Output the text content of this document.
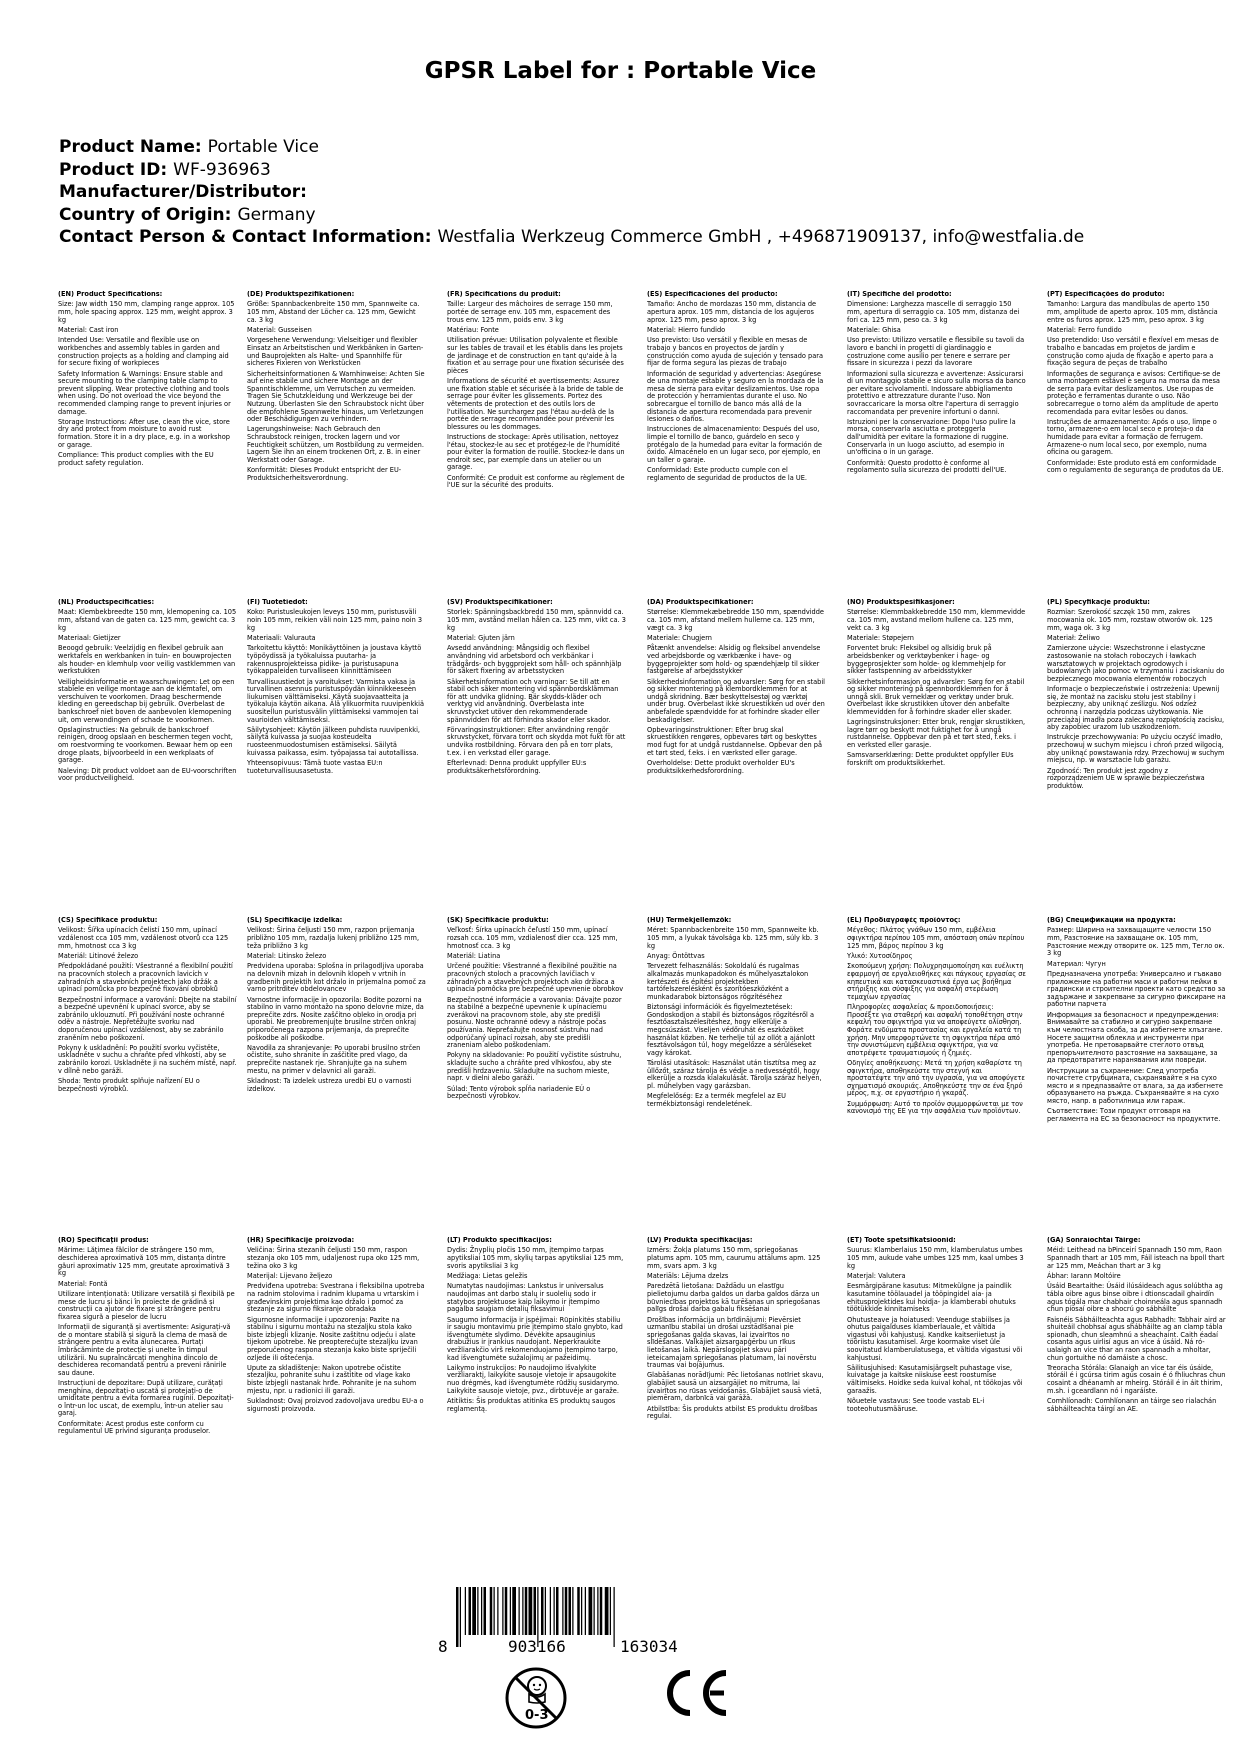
GPSR Label for : Portable Vice
Product Name: Portable Vice
Product ID: WF-936963
Manufacturer/Distributor:
Country of Origin: Germany
Contact Person & Contact Information: Westfalia Werkzeug Commerce GmbH , +496871909137, info@westfalia.de

(EN) Product Specifications:

Size: Jaw width 150 mm, clamping range approx. 105 mm, hole spacing approx. 125 mm, weight approx. 3 kg

Material: Cast iron

Intended Use: Versatile and flexible use on workbenches and assembly tables in garden and construction projects as a holding and clamping aid for secure fixing of workpieces

Safety Information & Warnings: Ensure stable and secure mounting to the clamping table clamp to prevent slipping. Wear protective clothing and tools when using. Do not overload the vice beyond the recommended clamping range to prevent injuries or damage.

Storage Instructions: After use, clean the vice, store dry and protect from moisture to avoid rust formation. Store it in a dry place, e.g. in a workshop or garage.

Compliance: This product complies with the EU product safety regulation.

(DE) Produktspezifikationen:

Größe: Spannbackenbreite 150 mm, Spannweite ca. 105 mm, Abstand der Löcher ca. 125 mm, Gewicht ca. 3 kg

Material: Gusseisen

Vorgesehene Verwendung: Vielseitiger und flexibler Einsatz an Arbeitstischen und Werkbänken in Garten- und Bauprojekten als Halte- und Spannhilfe für sicheres Fixieren von Werkstücken

Sicherheitsinformationen & Warnhinweise: Achten Sie auf eine stabile und sichere Montage an der Spanntischklemme, um Verrutschen zu vermeiden. Tragen Sie Schutzkleidung und Werkzeuge bei der Nutzung. Überlasten Sie den Schraubstock nicht über die empfohlene Spannweite hinaus, um Verletzungen oder Beschädigungen zu verhindern.

Lagerungshinweise: Nach Gebrauch den Schraubstock reinigen, trocken lagern und vor Feuchtigkeit schützen, um Rostbildung zu vermeiden. Lagern Sie ihn an einem trockenen Ort, z. B. in einer Werkstatt oder Garage.

Konformität: Dieses Produkt entspricht der EU-Produktsicherheitsverordnung.

(FR) Spécifications du produit:

Taille: Largeur des mâchoires de serrage 150 mm, portée de serrage env. 105 mm, espacement des trous env. 125 mm, poids env. 3 kg

Matériau: Fonte

Utilisation prévue: Utilisation polyvalente et flexible sur les tables de travail et les établis dans les projets de jardinage et de construction en tant qu'aide à la fixation et au serrage pour une fixation sécurisée des pièces

Informations de sécurité et avertissements: Assurez une fixation stable et sécurisée à la bride de table de serrage pour éviter les glissements. Portez des vêtements de protection et des outils lors de l'utilisation. Ne surchargez pas l'étau au-delà de la portée de serrage recommandée pour prévenir les blessures ou les dommages.

Instructions de stockage: Après utilisation, nettoyez l'étau, stockez-le au sec et protégez-le de l'humidité pour éviter la formation de rouille. Stockez-le dans un endroit sec, par exemple dans un atelier ou un garage.

Conformité: Ce produit est conforme au règlement de l'UE sur la sécurité des produits.

(ES) Especificaciones del producto:

Tamaño: Ancho de mordazas 150 mm, distancia de apertura aprox. 105 mm, distancia de los agujeros aprox. 125 mm, peso aprox. 3 kg

Material: Hierro fundido

Uso previsto: Uso versátil y flexible en mesas de trabajo y bancos en proyectos de jardín y construcción como ayuda de sujeción y tensado para fijar de forma segura las piezas de trabajo

Información de seguridad y advertencias: Asegúrese de una montaje estable y seguro en la mordaza de la mesa de sierra para evitar deslizamientos. Use ropa de protección y herramientas durante el uso. No sobrecargue el tornillo de banco más allá de la distancia de apertura recomendada para prevenir lesiones o daños.

Instrucciones de almacenamiento: Después del uso, limpie el tornillo de banco, guárdelo en seco y protégalo de la humedad para evitar la formación de óxido. Almacénelo en un lugar seco, por ejemplo, en un taller o garaje.

Conformidad: Este producto cumple con el reglamento de seguridad de productos de la UE.

(IT) Specifiche del prodotto:

Dimensione: Larghezza mascelle di serraggio 150 mm, apertura di serraggio ca. 105 mm, distanza dei fori ca. 125 mm, peso ca. 3 kg

Materiale: Ghisa

Uso previsto: Utilizzo versatile e flessibile su tavoli da lavoro e banchi in progetti di giardinaggio e costruzione come ausilio per tenere e serrare per fissare in sicurezza i pezzi da lavorare

Informazioni sulla sicurezza e avvertenze: Assicurarsi di un montaggio stabile e sicuro sulla morsa da banco per evitare scivolamenti. Indossare abbigliamento protettivo e attrezzature durante l'uso. Non sovraccaricare la morsa oltre l'apertura di serraggio raccomandata per prevenire infortuni o danni.

Istruzioni per la conservazione: Dopo l'uso pulire la morsa, conservarla asciutta e proteggerla dall'umidità per evitare la formazione di ruggine. Conservarla in un luogo asciutto, ad esempio in un'officina o in un garage.

Conformità: Questo prodotto è conforme al regolamento sulla sicurezza dei prodotti dell'UE.

(PT) Especificações do produto:

Tamanho: Largura das mandíbulas de aperto 150 mm, amplitude de aperto aprox. 105 mm, distância entre os furos aprox. 125 mm, peso aprox. 3 kg

Material: Ferro fundido

Uso pretendido: Uso versátil e flexível em mesas de trabalho e bancadas em projetos de jardim e construção como ajuda de fixação e aperto para a fixação segura de peças de trabalho

Informações de segurança e avisos: Certifique-se de uma montagem estável e segura na morsa da mesa de serra para evitar deslizamentos. Use roupas de proteção e ferramentas durante o uso. Não sobrecarregue o torno além da amplitude de aperto recomendada para evitar lesões ou danos.

Instruções de armazenamento: Após o uso, limpe o torno, armazene-o em local seco e proteja-o da humidade para evitar a formação de ferrugem. Armazene-o num local seco, por exemplo, numa oficina ou garagem.

Conformidade: Este produto está em conformidade com o regulamento de segurança de produtos da UE.

(NL) Productspecificaties:

Maat: Klembekbreedte 150 mm, klemopening ca. 105 mm, afstand van de gaten ca. 125 mm, gewicht ca. 3 kg

Materiaal: Gietijzer

Beoogd gebruik: Veelzijdig en flexibel gebruik aan werktafels en werkbanken in tuin- en bouwprojecten als houder- en klemhulp voor veilig vastklemmen van werkstukken

Veiligheidsinformatie en waarschuwingen: Let op een stabiele en veilige montage aan de klemtafel, om verschuiven te voorkomen. Draag beschermende kleding en gereedschap bij gebruik. Overbelast de bankschroef niet boven de aanbevolen klemopening uit, om verwondingen of schade te voorkomen.

Opslaginstructies: Na gebruik de bankschroef reinigen, droog opslaan en beschermen tegen vocht, om roestvorming te voorkomen. Bewaar hem op een droge plaats, bijvoorbeeld in een werkplaats of garage.

Naleving: Dit product voldoet aan de EU-voorschriften voor productveiligheid.

(FI) Tuotetiedot:

Koko: Puristusleukojen leveys 150 mm, puristusväli noin 105 mm, reikien väli noin 125 mm, paino noin 3 kg

Materiaali: Valurauta

Tarkoitettu käyttö: Monikäyttöinen ja joustava käyttö työpöydissä ja työkaluissa puutarha- ja rakennusprojekteissa pidike- ja puristusapuna työkappaleiden turvalliseen kiinnittämiseen

Turvallisuustiedot ja varoitukset: Varmista vakaa ja turvallinen asennus puristuspöydän kiinnikkeeseen liukumisen välttämiseksi. Käytä suojavaatteita ja työkaluja käytön aikana. Älä ylikuormita ruuvipenkkiä suositellun puristusvälin ylittämiseksi vammojen tai vaurioiden välttämiseksi.

Säilytysohjeet: Käytön jälkeen puhdista ruuvipenkki, säilytä kuivassa ja suojaa kosteudelta ruosteenmuodostumisen estämiseksi. Säilytä kuivassa paikassa, esim. työpajassa tai autotallissa.

Yhteensopivuus: Tämä tuote vastaa EU:n tuoteturvallisuusasetusta.

(SV) Produktspecifikationer:

Storlek: Spänningsbackbredd 150 mm, spännvidd ca. 105 mm, avstånd mellan hålen ca. 125 mm, vikt ca. 3 kg

Material: Gjuten järn

Avsedd användning: Mångsidig och flexibel användning vid arbetsbord och verkbänkar i trädgårds- och byggprojekt som håll- och spännhjälp för säkert fixering av arbetsstycken

Säkerhetsinformation och varningar: Se till att en stabil och säker montering vid spännbordsklämman för att undvika glidning. Bär skydds-kläder och verktyg vid användning. Överbelasta inte skruvstycket utöver den rekommenderade spännvidden för att förhindra skador eller skador.

Förvaringsinstruktioner: Efter användning rengör skruvstycket, förvara torrt och skydda mot fukt för att undvika rostbildning. Förvara den på en torr plats, t.ex. i en verkstad eller garage.

Efterlevnad: Denna produkt uppfyller EU:s produktsäkerhetsförordning.

(DA) Produktspecifikationer:

Størrelse: Klemmekæbebredde 150 mm, spændvidde ca. 105 mm, afstand mellem hullerne ca. 125 mm, vægt ca. 3 kg

Materiale: Chugjern

Påtænkt anvendelse: Alsidig og fleksibel anvendelse ved arbejdsborde og værkbænke i have- og byggeprojekter som hold- og spændehjælp til sikker fastgørelse af arbejdsstykker

Sikkerhedsinformation og advarsler: Sørg for en stabil og sikker montering på klembordklemmen for at undgå skridning. Bær beskyttelsestøj og værktøj under brug. Overbelast ikke skruestikken ud over den anbefalede spændvidde for at forhindre skader eller beskadigelser.

Opbevaringsinstruktioner: Efter brug skal skruestikken rengøres, opbevares tørt og beskyttes mod fugt for at undgå rustdannelse. Opbevar den på et tørt sted, f.eks. i en værksted eller garage.

Overholdelse: Dette produkt overholder EU's produktsikkerhedsforordning.

(NO) Produktspesifikasjoner:

Størrelse: Klemmbakkebredde 150 mm, klemmevidde ca. 105 mm, avstand mellom hullene ca. 125 mm, vekt ca. 3 kg

Materiale: Støpejern

Forventet bruk: Fleksibel og allsidig bruk på arbeidsbenker og verktøybenker i hage- og byggeprosjekter som holde- og klemmehjelp for sikker fastspenning av arbeidsstykker

Sikkerhetsinformasjon og advarsler: Sørg for en stabil og sikker montering på spennbordklemmen for å unngå skli. Bruk verneklær og verktøy under bruk. Overbelast ikke skrustikken utover den anbefalte klemmevidden for å forhindre skader eller skader.

Lagringsinstruksjoner: Etter bruk, rengjør skrustikken, lagre tørr og beskytt mot fuktighet for å unngå rustdannelse. Oppbevar den på et tørt sted, f.eks. i en verksted eller garasje.

Samsvarserklæring: Dette produktet oppfyller EUs forskrift om produktsikkerhet.

(PL) Specyfikacje produktu:

Rozmiar: Szerokość szczęk 150 mm, zakres mocowania ok. 105 mm, rozstaw otworów ok. 125 mm, waga ok. 3 kg

Materiał: Żeliwo

Zamierzone użycie: Wszechstronne i elastyczne zastosowanie na stołach roboczych i ławkach warsztatowych w projektach ogrodowych i budowlanych jako pomoc w trzymaniu i zaciskaniu do bezpiecznego mocowania elementów roboczych

Informacje o bezpieczeństwie i ostrzeżenia: Upewnij się, że montaż na zacisku stołu jest stabilny i bezpieczny, aby uniknąć ześlizgu. Noś odzież ochronną i narzędzia podczas użytkowania. Nie przeciążaj imadła poza zalecaną rozpiętością zacisku, aby zapobiec urazom lub uszkodzeniom.

Instrukcje przechowywania: Po użyciu oczyść imadło, przechowuj w suchym miejscu i chroń przed wilgocią, aby uniknąć powstawania rdzy. Przechowuj w suchym miejscu, np. w warsztacie lub garażu.

Zgodność: Ten produkt jest zgodny z rozporządzeniem UE w sprawie bezpieczeństwa produktów.

(CS) Specifikace produktu:

Velikost: Šířka upínacích čelistí 150 mm, upínací vzdálenost cca 105 mm, vzdálenost otvorů cca 125 mm, hmotnost cca 3 kg

Materiál: Litinové železo

Předpokládané použití: Všestranné a flexibilní použití na pracovních stolech a pracovních lavicích v zahradních a stavebních projektech jako držák a upínací pomůcka pro bezpečné fixování obrobků

Bezpečnostní informace a varování: Dbejte na stabilní a bezpečné upevnění k upínací svorce, aby se zabránilo uklouznutí. Při používání noste ochranné oděv a nástroje. Nepřetěžujte svorku nad doporučenou upínací vzdálenost, aby se zabránilo zraněním nebo poškození.

Pokyny k uskladnění: Po použití svorku vyčistěte, uskladněte v suchu a chraňte před vlhkostí, aby se zabránilo korozi. Uskladněte ji na suchém místě, např. v dílně nebo garáži.

Shoda: Tento produkt splňuje nařízení EU o bezpečnosti výrobků.

(SL) Specifikacije izdelka:

Velikost: Širina čeljusti 150 mm, razpon prijemanja približno 105 mm, razdalja lukenj približno 125 mm, teža približno 3 kg

Material: Litinsko železo

Predvidena uporaba: Splošna in prilagodljiva uporaba na delovnih mizah in delovnih klopeh v vrtnih in gradbenih projektih kot držalo in prijemalna pomoč za varno pritrditev obdelovancev

Varnostne informacije in opozorila: Bodite pozorni na stabilno in varno montažo na spono delovne mize, da preprečite zdrs. Nosite zaščitno obleko in orodja pri uporabi. Ne preobremenjujte brusilne strčen onkraj priporočenega razpona prijemanja, da preprečite poškodbe ali poškodbe.

Navodila za shranjevanje: Po uporabi brusilno strčen očistite, suho shranite in zaščitite pred vlago, da preprečite nastanek rje. Shranjujte ga na suhem mestu, na primer v delavnici ali garaži.

Skladnost: Ta izdelek ustreza uredbi EU o varnosti izdelkov.

(SK) Špecifikácie produktu:

Veľkosť: Šírka upínacích čeľustí 150 mm, upínací rozsah cca. 105 mm, vzdialenosť dier cca. 125 mm, hmotnosť cca. 3 kg

Materiál: Liatina

Určené použitie: Všestranné a flexibilné použitie na pracovných stoloch a pracovných lavičiach v záhradných a stavebných projektoch ako držiaca a upínacia pomôcka pre bezpečné upevnenie obrobkov

Bezpečnostné informácie a varovania: Dávajte pozor na stabilné a bezpečné upevnenie k upínaciemu zverákovi na pracovnom stole, aby ste predišli posunu. Noste ochranné odevy a nástroje počas používania. Nepreťažujte nosnosť sústruhu nad odporúčaný upínací rozsah, aby ste predišli zraneniam alebo poškodeniam.

Pokyny na skladovanie: Po použití vyčistite sústruhu, skladujte sucho a chráňte pred vlhkosťou, aby ste predišli hrdzaveniu. Skladujte na suchom mieste, napr. v dielni alebo garáži.

Súlad: Tento výrobok spĺňa nariadenie EÚ o bezpečnosti výrobkov.

(HU) Termékjellemzők:

Méret: Spannbackenbreite 150 mm, Spannweite kb. 105 mm, a lyukak távolsága kb. 125 mm, súly kb. 3 kg

Anyag: Öntöttvas

Tervezett felhasználás: Sokoldalú és rugalmas alkalmazás munkapadokon és műhelyasztalokon kertészeti és építési projektekben tartófelszerelésként és szorítóeszközként a munkadarabok biztonságos rögzítéséhez

Biztonsági információk és figyelmeztetések: Gondoskodjon a stabil és biztonságos rögzítésről a fesztőasztalszélesítéshez, hogy elkerülje a megcsúszást. Viseljen védőruhát és eszközöket használat közben. Ne terhelje túl az ollót a ajánlott fesztávolságon túl, hogy megelőzze a sérüléseket vagy károkat.

Tárolási utasítások: Használat után tisztítsa meg az üllőzőt, száraz tárolja és védje a nedvességtől, hogy elkerülje a rozsda kialakulását. Tárolja száraz helyen, pl. műhelyben vagy garázsban.

Megfelelőség: Ez a termék megfelel az EU termékbiztonsági rendeletének.

(EL) Προδιαγραφές προϊόντος:

Μέγεθος: Πλάτος γνάθων 150 mm, εμβέλεια σφιγκτήρα περίπου 105 mm, απόσταση οπών περίπου 125 mm, βάρος περίπου 3 kg

Υλικό: Χυτοσίδηρος

Σκοπούμενη χρήση: Πολυχρησιμοποίηση και ευέλικτη εφαρμογή σε εργαλειοθήκες και πάγκους εργασίας σε κηπευτικά και κατασκευαστικά έργα ως βοήθημα στήριξης και σύσφιξης για ασφαλή στερέωση τεμαχίων εργασίας

Πληροφορίες ασφαλείας & προειδοποιήσεις: Προσέξτε για σταθερή και ασφαλή τοποθέτηση στην κεφαλή του σφιγκτήρα για να αποφεύγετε ολίσθηση. Φοράτε ενδύματα προστασίας και εργαλεία κατά τη χρήση. Μην υπερφορτώνετε τη σφιγκτήρα πέρα από την συνιστώμενη εμβέλεια σφιγκτήρα, για να αποτρέψετε τραυματισμούς ή ζημιές.

Οδηγίες αποθήκευσης: Μετά τη χρήση καθαρίστε τη σφιγκτήρα, αποθηκεύστε την στεγνή και προστατέψτε την από την υγρασία, για να αποφύγετε σχηματισμό σκουριάς. Αποθηκεύστε την σε ένα ξηρό μέρος, π.χ. σε εργαστήριο ή γκαράζ.

Συμμόρφωση: Αυτό το προϊόν συμμορφώνεται με τον κανονισμό της ΕΕ για την ασφάλεια των προϊόντων.

(BG) Спецификации на продукта:

Размер: Ширина на захващащите челюсти 150 mm, Разстояние на захващане ок. 105 mm, Разстояние между отворите ок. 125 mm, Тегло ок. 3 kg

Материал: Чугун

Предназначена употреба: Универсално и гъвкаво приложение на работни маси и работни пейки в градински и строителни проекти като средство за задържане и закрепване за сигурно фиксиране на работни парчета

Информация за безопасност и предупреждения: Внимавайте за стабилно и сигурно закрепване към челюстната скоба, за да избегнете хлъзгане. Носете защитни облекла и инструменти при употреба. Не претоварвайте стеглото отвъд препоръчителното разстояние на захващане, за да предотвратите наранявания или повреди.

Инструкции за съхранение: След употреба почистете струбцината, съхранявайте я на сухо място и я предпазвайте от влага, за да избегнете образуването на ръжда. Съхранявайте я на сухо място, напр. в работилница или гараж.

Съответствие: Този продукт отговаря на регламента на ЕС за безопасност на продуктите.

(RO) Specificații produs:

Mărime: Lățimea fălcilor de strângere 150 mm, deschiderea aproximativă 105 mm, distanța dintre găuri aproximativ 125 mm, greutate aproximativă 3 kg

Material: Fontă

Utilizare intenționată: Utilizare versatilă și flexibilă pe mese de lucru și bănci în proiecte de grădină și construcții ca ajutor de fixare și strângere pentru fixarea sigură a pieselor de lucru

Informații de siguranță și avertismente: Asigurați-vă de o montare stabilă și sigură la clema de masă de strângere pentru a evita alunecarea. Purtați îmbrăcăminte de protecție și unelte în timpul utilizării. Nu supraîncărcați menghina dincolo de deschiderea recomandată pentru a preveni rănirile sau daune.

Instrucțiuni de depozitare: După utilizare, curățați menghina, depozitați-o uscată și protejați-o de umiditate pentru a evita formarea ruginii. Depozitați-o într-un loc uscat, de exemplu, într-un atelier sau garaj.

Conformitate: Acest produs este conform cu regulamentul UE privind siguranța produselor.

(HR) Specifikacije proizvoda:

Veličina: Širina stezanih čeljusti 150 mm, raspon stezanja oko 105 mm, udaljenost rupa oko 125 mm, težina oko 3 kg

Materijal: Lijevano željezo

Predviđena upotreba: Svestrana i fleksibilna upotreba na radnim stolovima i radnim klupama u vrtarskim i građevinskim projektima kao držalo i pomoć za stezanje za sigurno fiksiranje obradaka

Sigurnosne informacije i upozorenja: Pazite na stabilnu i sigurnu montažu na stezaljku stola kako biste izbjegli klizanje. Nosite zaštitnu odjeću i alate tijekom upotrebe. Ne preopterećujte stezaljku izvan preporučenog raspona stezanja kako biste spriječili ozljede ili oštećenja.

Upute za skladištenje: Nakon upotrebe očistite stezaljku, pohranite suhu i zaštitite od vlage kako biste izbjegli nastanak hrđe. Pohranite je na suhom mjestu, npr. u radionici ili garaži.

Sukladnost: Ovaj proizvod zadovoljava uredbu EU-a o sigurnosti proizvoda.

(LT) Produkto specifikacijos:

Dydis: Žnyplių pločis 150 mm, įtempimo tarpas apytiksliai 105 mm, skylių tarpas apytiksliai 125 mm, svoris apytiksliai 3 kg

Medžiaga: Lietas geležis

Numatytas naudojimas: Lankstus ir universalus naudojimas ant darbo stalų ir suolelių sodo ir statybos projektuose kaip laikymo ir įtempimo pagalba saugiam detalių fiksavimui

Saugumo informacija ir įspėjimai: Rūpinkitės stabiliu ir saugiu montavimu prie įtempimo stalo gnybto, kad išvengtumėte slydimo. Dėvėkite apsauginius drabužius ir įrankius naudojant. Neperkraukite veržliarakčio virš rekomenduojamo įtempimo tarpo, kad išvengtumėte sužalojimų ar pažeidimų.

Laikymo instrukcijos: Po naudojimo išvalykite veržliaraktį, laikykite sausoje vietoje ir apsaugokite nuo drėgmės, kad išvengtumėte rūdžių susidarymo. Laikykite sausoje vietoje, pvz., dirbtuvėje ar garaže.

Atitiktis: Šis produktas atitinka ES produktų saugos reglamentą.

(LV) Produkta specifikācijas:

Izmērs: Žokļa platums 150 mm, spriegošanas platums apm. 105 mm, caurumu attālums apm. 125 mm, svars apm. 3 kg

Materiāls: Lējuma dzelzs

Paredzētā lietošana: Daždādu un elastīgu pielietojumu darba galdos un darba galdos dārza un būvniecības projektos kā turēšanas un spriegošanas palīgs drošai darba gabalu fiksēšanai

Drošības informācija un brīdinājumi: Pievērsiet uzmanību stabilai un drošai uzstādīšanai pie spriegošanas galda skavas, lai izvairītos no slīdēšanas. Valkājiet aizsargapģērbu un rīkus lietošanas laikā. Nepārslogojiet skavu pāri ieteicamajam spriegošanas platumam, lai novērstu traumas vai bojājumus.

Glabāšanas norādījumi: Pēc lietošanas notīriet skavu, glabājiet sausā un aizsargājiet no mitruma, lai izvairītos no rūsas veidošanās. Glabājiet sausā vietā, piemēram, darbnīcā vai garāžā.

Atbilstība: Šis produkts atbilst ES produktu drošības regulai.

(ET) Toote spetsifikatsioonid:

Suurus: Klamberlaius 150 mm, klamberulatus umbes 105 mm, aukude vahe umbes 125 mm, kaal umbes 3 kg

Materjal: Valutera

Eesmärgipärane kasutus: Mitmekülgne ja paindlik kasutamine töölauadel ja tööpingidel aia- ja ehitusprojektides kui hoidja- ja klamberabi ohutuks töötükkide kinnitamiseks

Ohutusteave ja hoiatused: Veenduge stabiilses ja ohutus paigalduses klamberlauale, et vältida vigastusi või kahjustusi. Kandke kaitseriietust ja tööriistu kasutamisel. Ärge koormake viset üle soovitatud klamberulatusega, et vältida vigastusi või kahjustusi.

Säilitusjuhised: Kasutamisjärgselt puhastage vise, kuivatage ja kaitske niiskuse eest roostumise vältimiseks. Hoidke seda kuival kohal, nt töökojas või garaažis.

Nõuetele vastavus: See toode vastab EL-i tooteohutusmääruse.

(GA) Sonraíochtaí Táirge:

Méid: Leithead na bPinceirí Spannadh 150 mm, Raon Spannadh thart ar 105 mm, Fáil isteach na bpoll thart ar 125 mm, Meáchan thart ar 3 kg

Ábhar: Iarann Moltóire

Úsáid Beartaithe: Úsáid ilúsáideach agus solúbtha ag tábla oibre agus binse oibre i dtionscadail ghairdín agus tógála mar chabhair choinneála agus spannadh chun píosaí oibre a shocrú go sábháilte

Faisnéis Sábháilteachta agus Rabhadh: Tabhair aird ar shuiteáil chobhsaí agus shábháilte ag an clamp tábla spionadh, chun sleamhnú a sheachaint. Caith éadaí cosanta agus uirlisí agus an vice á úsáid. Ná ró-ualaigh an vice thar an raon spannadh a mholtar, chun gortuithe nó damáiste a chosc.

Treoracha Stórála: Glanaigh an vice tar éis úsáide, stóráil é i gcúrsa tirim agus cosain é ó fhliuchras chun cosaint a dhéanamh ar mheirg. Stóráil é in áit thirim, m.sh. i gceardlann nó i ngaráiste.

Comhlíonadh: Comhlíonann an táirge seo rialachán sábháilteachta táirgí an AE.

8	903166	163034
0-3
